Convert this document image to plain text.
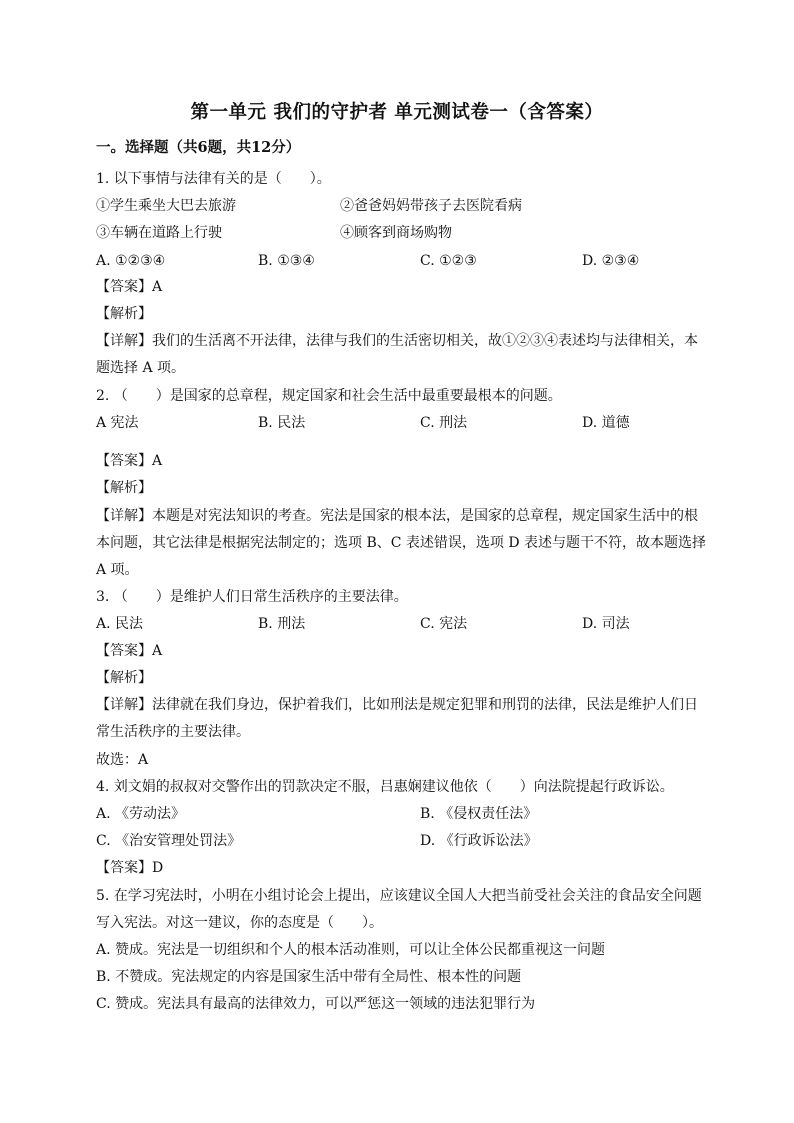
第一单元 我们的守护者 单元测试卷一（含答案）
一。选择题（共6题，共12分）
1. 以下事情与法律有关的是（　　）。
①学生乘坐大巴去旅游	②爸爸妈妈带孩子去医院看病
③车辆在道路上行驶	④顾客到商场购物
A. ①②③④	B. ①③④	C. ①②③	D. ②③④
【答案】A
【解析】
【详解】我们的生活离不开法律，法律与我们的生活密切相关，故①②③④表述均与法律相关，本
题选择 A 项。
2. （　　）是国家的总章程，规定国家和社会生活中最重要最根本的问题。
A 宪法	B. 民法	C. 刑法	D. 道德
【答案】A
【解析】
【详解】本题是对宪法知识的考查。宪法是国家的根本法，是国家的总章程，规定国家生活中的根
本问题，其它法律是根据宪法制定的；选项 B、C 表述错误，选项 D 表述与题干不符，故本题选择
A 项。
3. （　　）是维护人们日常生活秩序的主要法律。
A. 民法	B. 刑法	C. 宪法	D. 司法
【答案】A
【解析】
【详解】法律就在我们身边，保护着我们，比如刑法是规定犯罪和刑罚的法律，民法是维护人们日
常生活秩序的主要法律。
故选：A
4. 刘文娟的叔叔对交警作出的罚款决定不服，吕惠娴建议他依（　　）向法院提起行政诉讼。
A. 《劳动法》	B. 《侵权责任法》
C. 《治安管理处罚法》	D. 《行政诉讼法》
【答案】D
5. 在学习宪法时，小明在小组讨论会上提出，应该建议全国人大把当前受社会关注的食品安全问题
写入宪法。对这一建议，你的态度是（　　）。
A. 赞成。宪法是一切组织和个人的根本活动准则，可以让全体公民都重视这一问题
B. 不赞成。宪法规定的内容是国家生活中带有全局性、根本性的问题
C. 赞成。宪法具有最高的法律效力，可以严惩这一领域的违法犯罪行为
